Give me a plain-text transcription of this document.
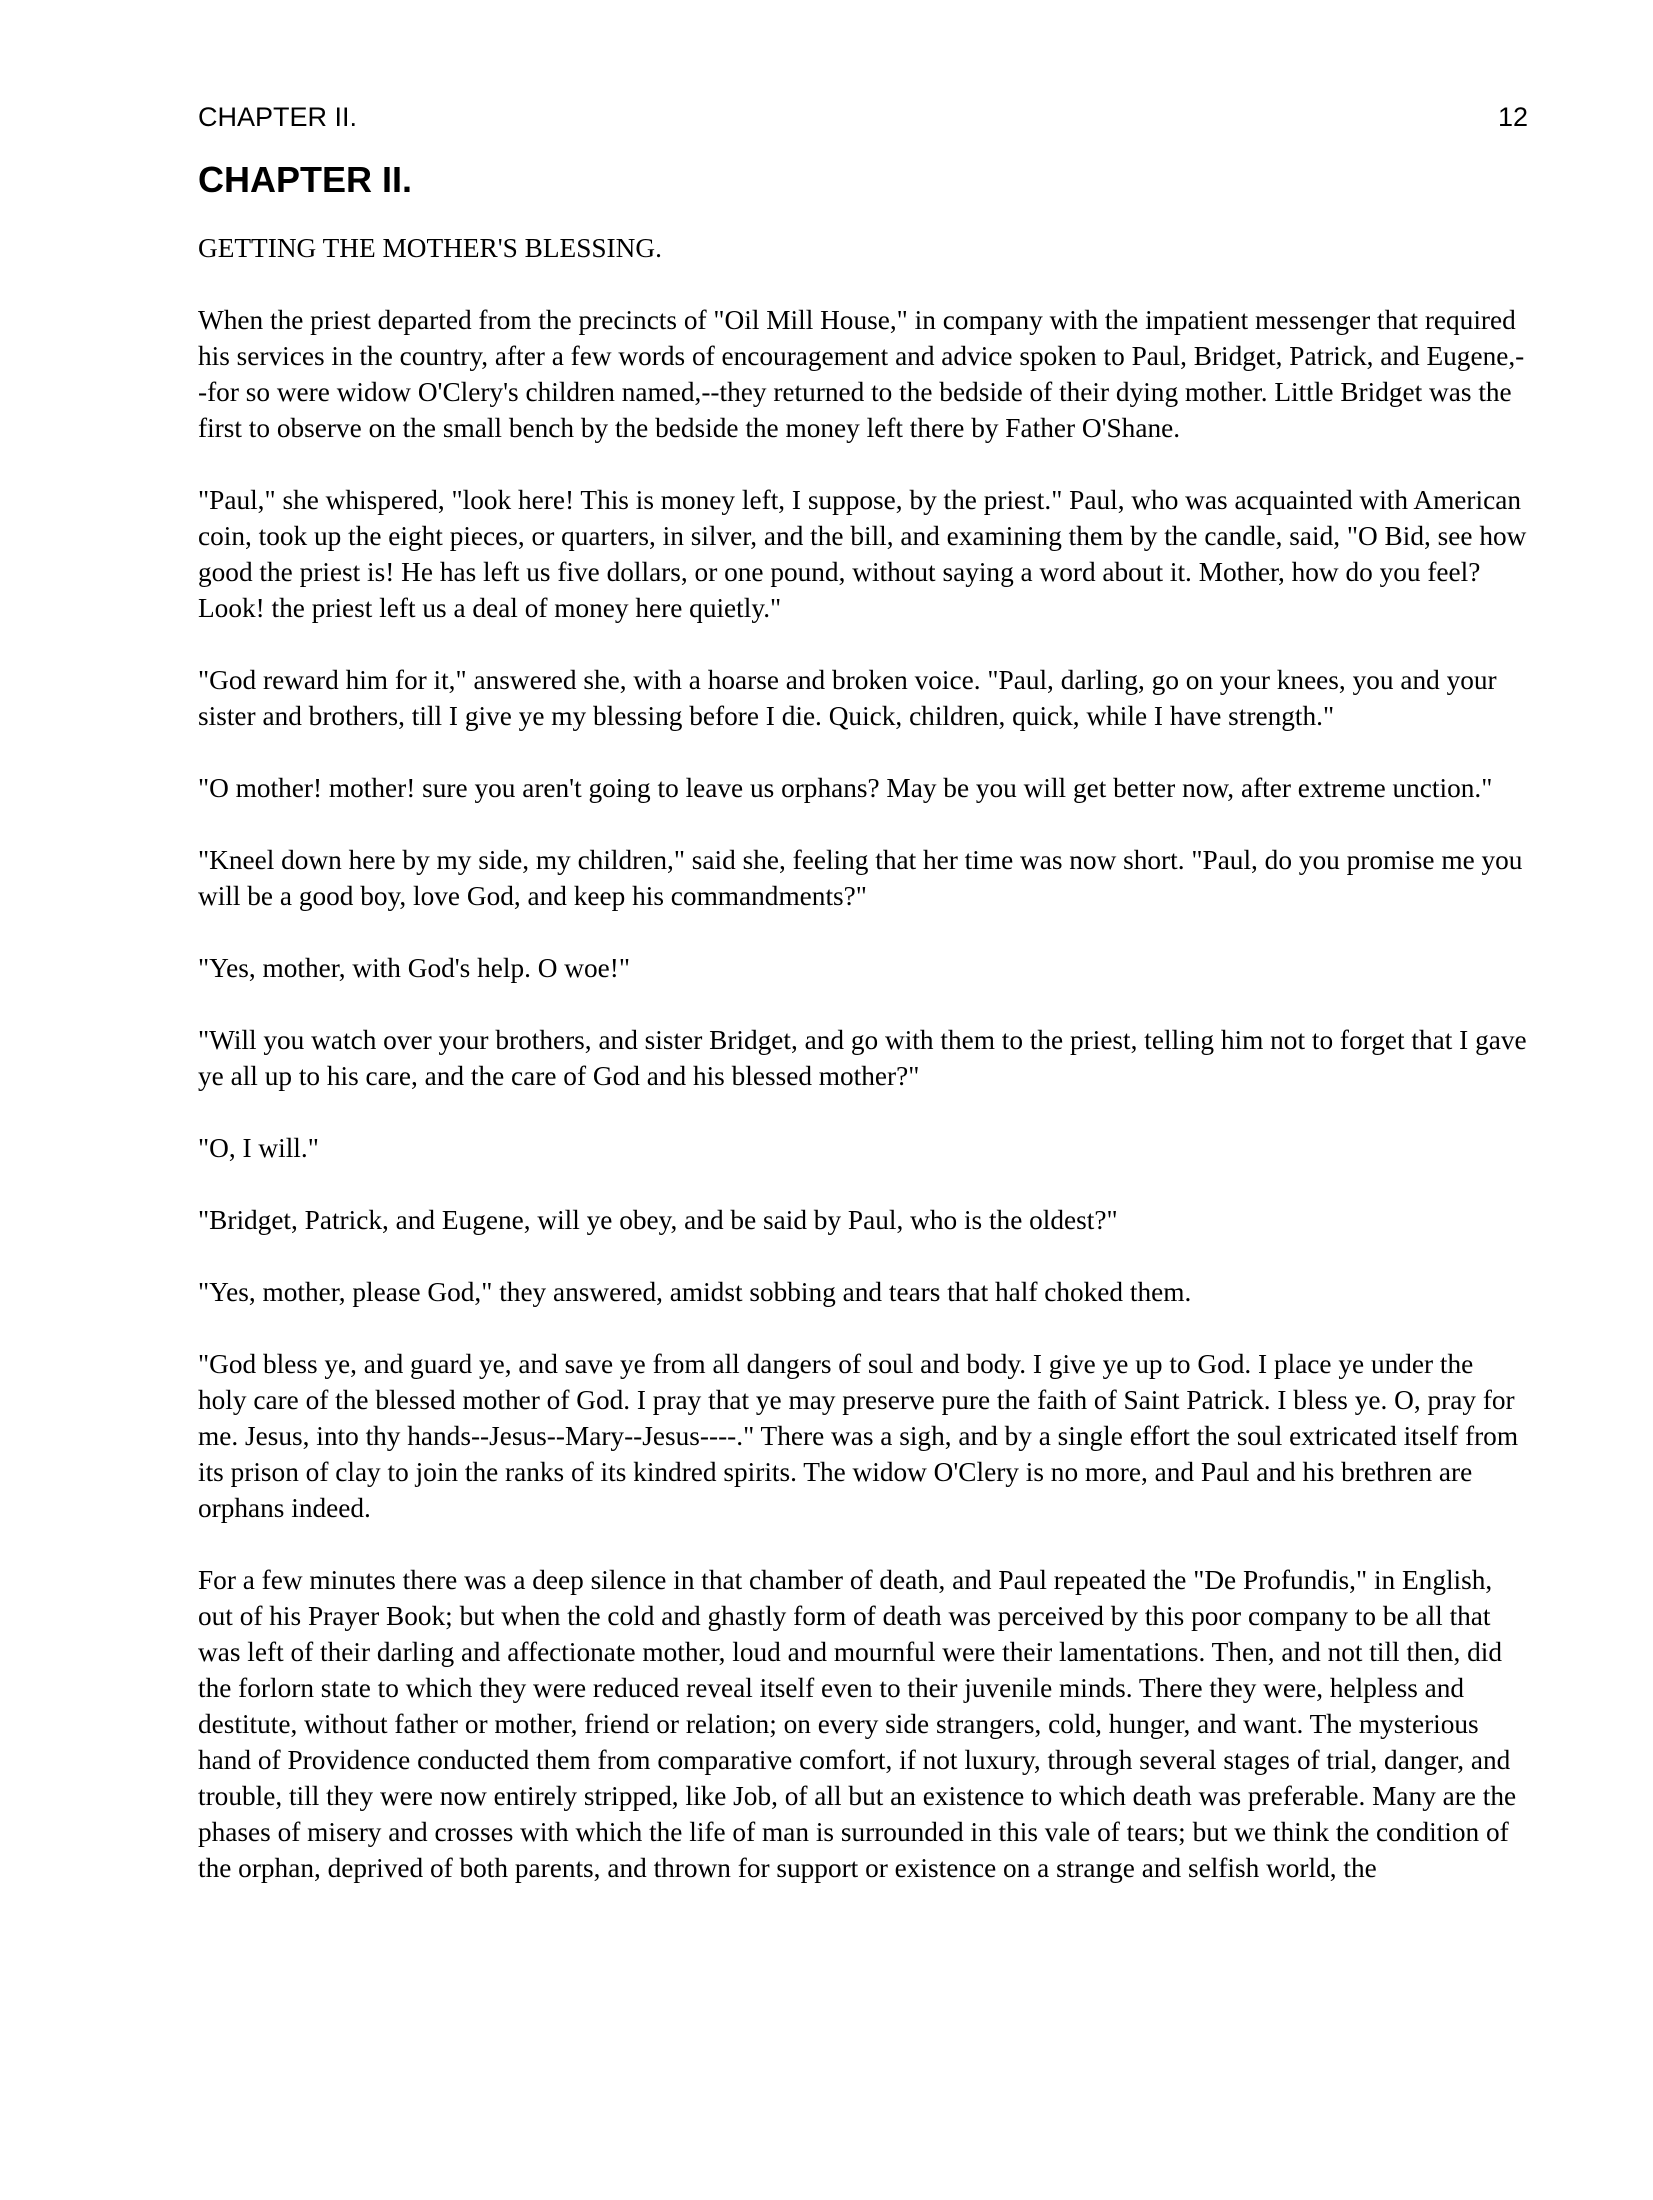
CHAPTER II.	12
CHAPTER II.

GETTING THE MOTHER'S BLESSING.

When the priest departed from the precincts of "Oil Mill House," in company with the impatient messenger that required his services in the country, after a few words of encouragement and advice spoken to Paul, Bridget, Patrick, and Eugene,--for so were widow O'Clery's children named,--they returned to the bedside of their dying mother. Little Bridget was the first to observe on the small bench by the bedside the money left there by Father O'Shane.

"Paul," she whispered, "look here! This is money left, I suppose, by the priest." Paul, who was acquainted with American coin, took up the eight pieces, or quarters, in silver, and the bill, and examining them by the candle, said, "O Bid, see how good the priest is! He has left us five dollars, or one pound, without saying a word about it. Mother, how do you feel? Look! the priest left us a deal of money here quietly."

"God reward him for it," answered she, with a hoarse and broken voice. "Paul, darling, go on your knees, you and your sister and brothers, till I give ye my blessing before I die. Quick, children, quick, while I have strength."

"O mother! mother! sure you aren't going to leave us orphans? May be you will get better now, after extreme unction."

"Kneel down here by my side, my children," said she, feeling that her time was now short. "Paul, do you promise me you will be a good boy, love God, and keep his commandments?"

"Yes, mother, with God's help. O woe!"

"Will you watch over your brothers, and sister Bridget, and go with them to the priest, telling him not to forget that I gave ye all up to his care, and the care of God and his blessed mother?"

"O, I will."

"Bridget, Patrick, and Eugene, will ye obey, and be said by Paul, who is the oldest?"

"Yes, mother, please God," they answered, amidst sobbing and tears that half choked them.

"God bless ye, and guard ye, and save ye from all dangers of soul and body. I give ye up to God. I place ye under the holy care of the blessed mother of God. I pray that ye may preserve pure the faith of Saint Patrick. I bless ye. O, pray for me. Jesus, into thy hands--Jesus--Mary--Jesus----." There was a sigh, and by a single effort the soul extricated itself from its prison of clay to join the ranks of its kindred spirits. The widow O'Clery is no more, and Paul and his brethren are orphans indeed.

For a few minutes there was a deep silence in that chamber of death, and Paul repeated the "De Profundis," in English, out of his Prayer Book; but when the cold and ghastly form of death was perceived by this poor company to be all that was left of their darling and affectionate mother, loud and mournful were their lamentations. Then, and not till then, did the forlorn state to which they were reduced reveal itself even to their juvenile minds. There they were, helpless and destitute, without father or mother, friend or relation; on every side strangers, cold, hunger, and want. The mysterious hand of Providence conducted them from comparative comfort, if not luxury, through several stages of trial, danger, and trouble, till they were now entirely stripped, like Job, of all but an existence to which death was preferable. Many are the phases of misery and crosses with which the life of man is surrounded in this vale of tears; but we think the condition of the orphan, deprived of both parents, and thrown for support or existence on a strange and selfish world, the
